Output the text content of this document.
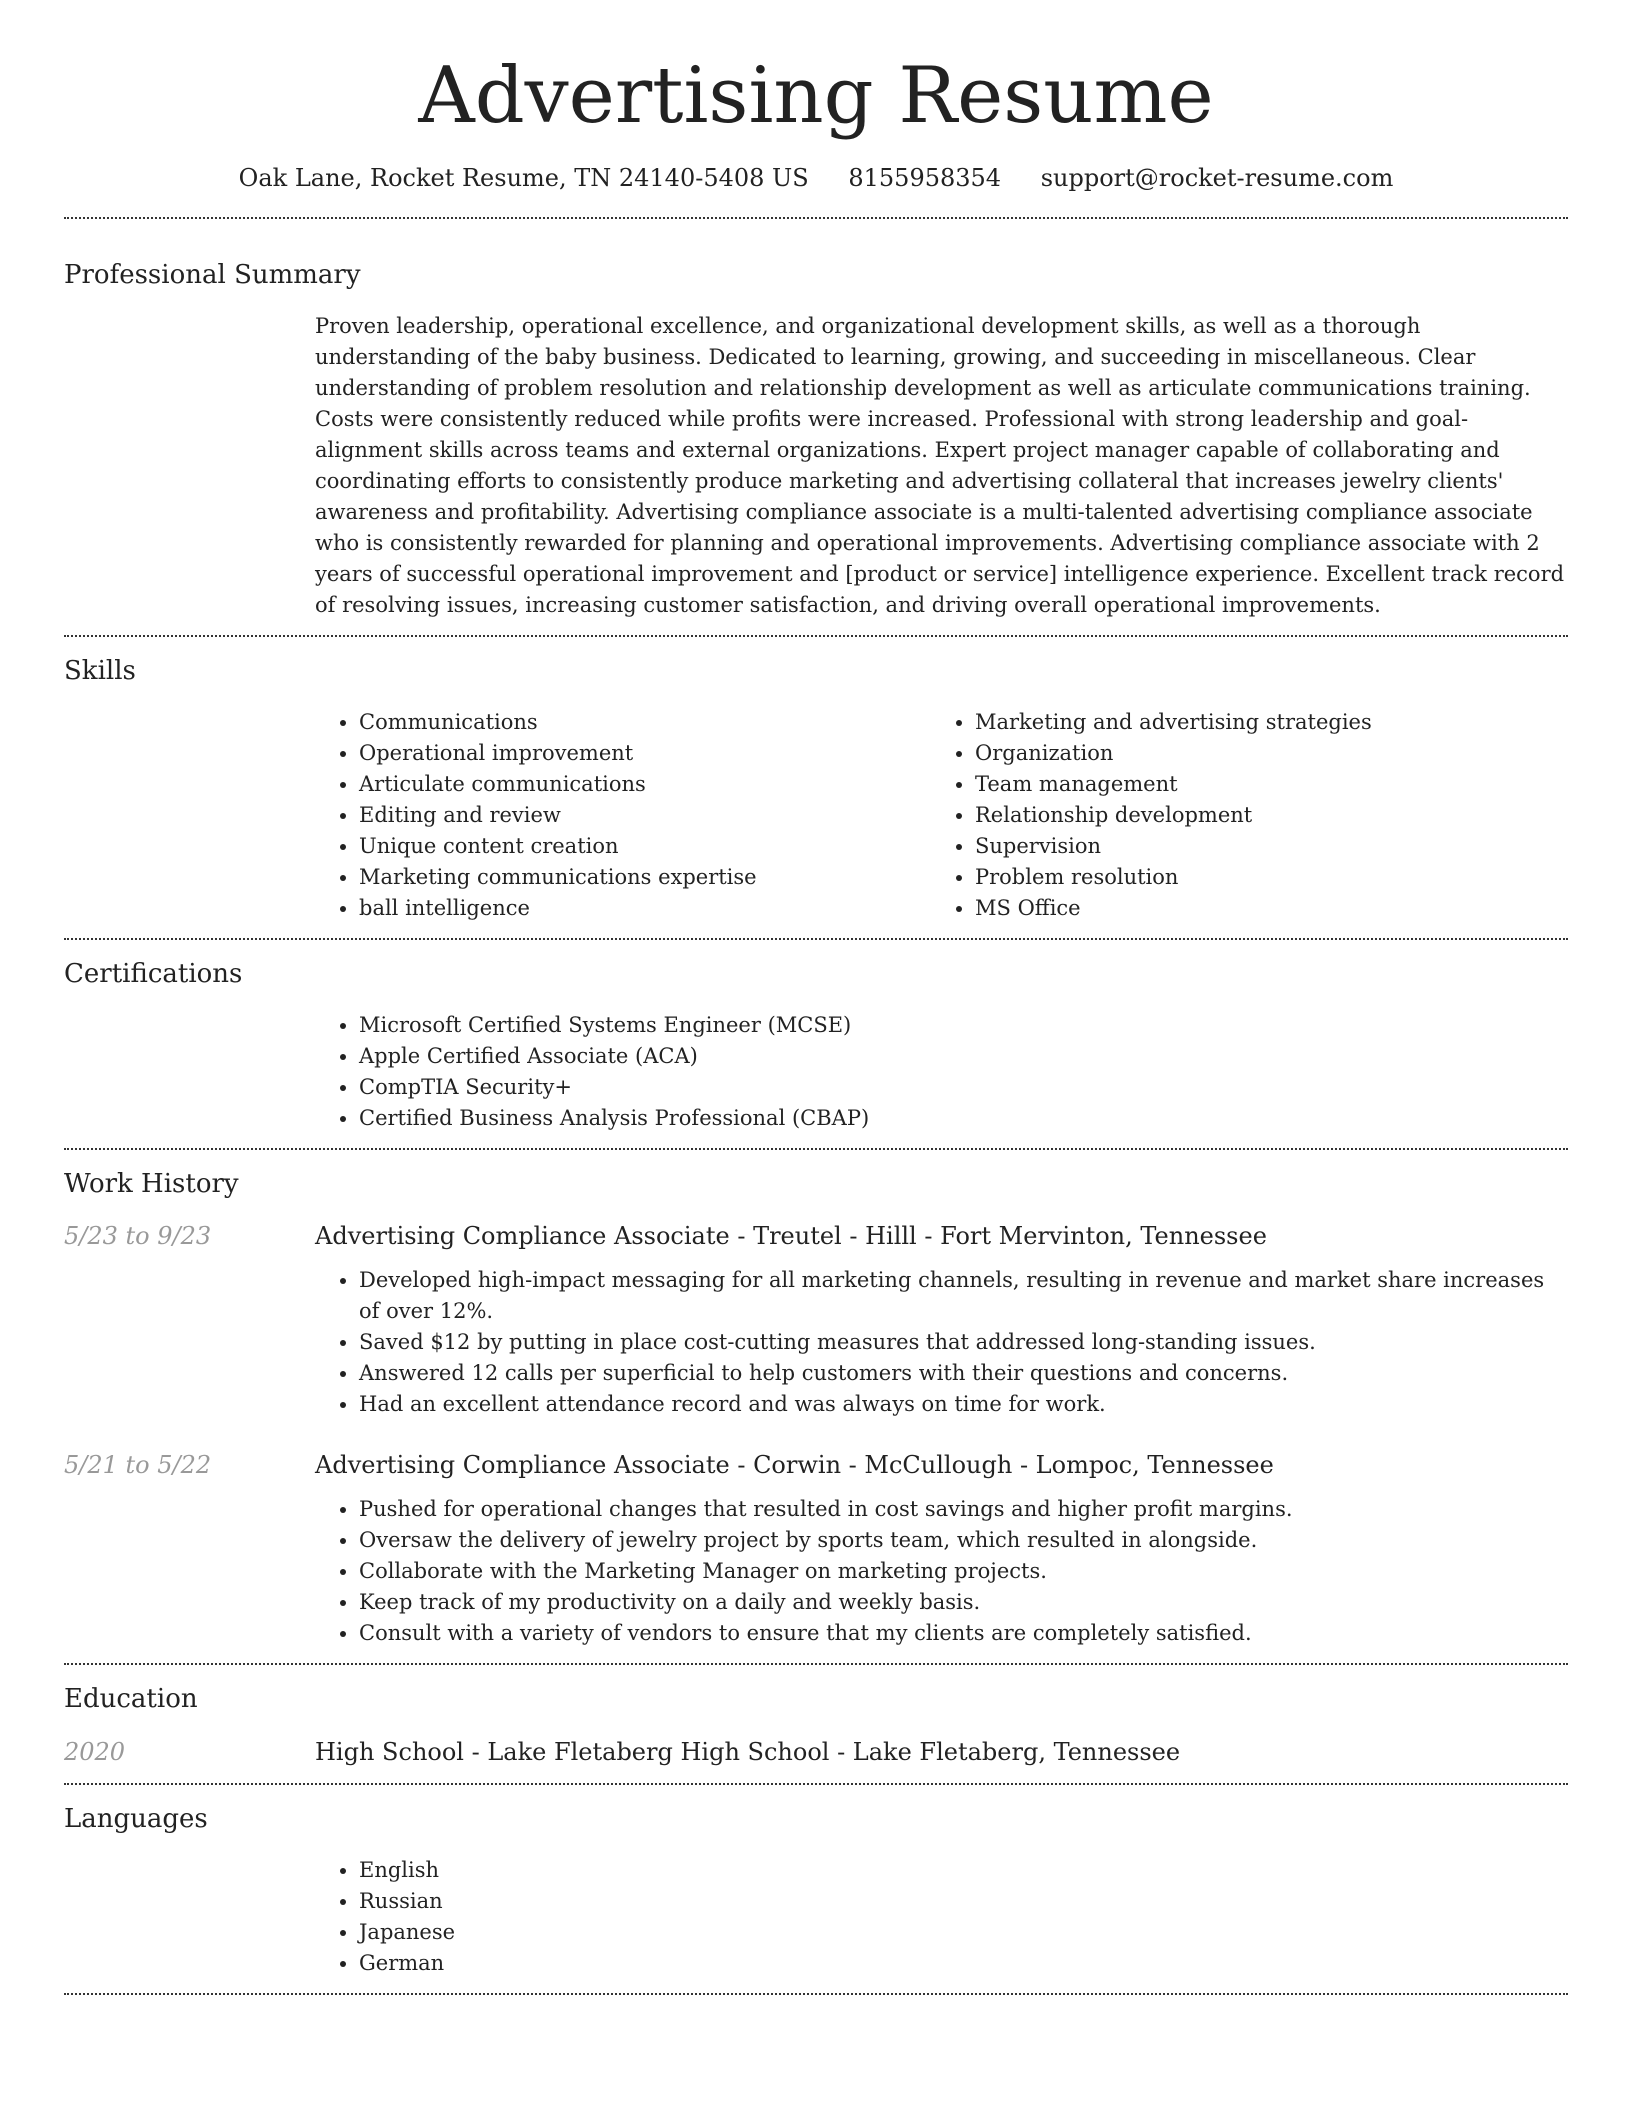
Advertising Resume
Oak Lane, Rocket Resume, TN 24140-5408 US 8155958354 support@rocket-resume.com
Professional Summary

Proven leadership, operational excellence, and organizational development skills, as well as a thorough understanding of the baby business. Dedicated to learning, growing, and succeeding in miscellaneous. Clear understanding of problem resolution and relationship development as well as articulate communications training. Costs were consistently reduced while profits were increased. Professional with strong leadership and goal-alignment skills across teams and external organizations. Expert project manager capable of collaborating and coordinating efforts to consistently produce marketing and advertising collateral that increases jewelry clients' awareness and profitability. Advertising compliance associate is a multi-talented advertising compliance associate who is consistently rewarded for planning and operational improvements. Advertising compliance associate with 2 years of successful operational improvement and [product or service] intelligence experience. Excellent track record of resolving issues, increasing customer satisfaction, and driving overall operational improvements.

Skills
• Communications
• Operational improvement
• Articulate communications
• Editing and review
• Unique content creation
• Marketing communications expertise
• ball intelligence
• Marketing and advertising strategies
• Organization
• Team management
• Relationship development
• Supervision
• Problem resolution
• MS Office
Certifications
• Microsoft Certified Systems Engineer (MCSE)
• Apple Certified Associate (ACA)
• CompTIA Security+
• Certified Business Analysis Professional (CBAP)
Work History
5/23 to 9/23	Advertising Compliance Associate - Treutel - Hilll - Fort Mervinton, Tennessee
• Developed high-impact messaging for all marketing channels, resulting in revenue and market share increases of over 12%.
• Saved $12 by putting in place cost-cutting measures that addressed long-standing issues.
• Answered 12 calls per superficial to help customers with their questions and concerns.
• Had an excellent attendance record and was always on time for work.
5/21 to 5/22	Advertising Compliance Associate - Corwin - McCullough - Lompoc, Tennessee
• Pushed for operational changes that resulted in cost savings and higher profit margins.
• Oversaw the delivery of jewelry project by sports team, which resulted in alongside.
• Collaborate with the Marketing Manager on marketing projects.
• Keep track of my productivity on a daily and weekly basis.
• Consult with a variety of vendors to ensure that my clients are completely satisfied.
Education
2020	High School - Lake Fletaberg High School - Lake Fletaberg, Tennessee
Languages
• English
• Russian
• Japanese
• German
